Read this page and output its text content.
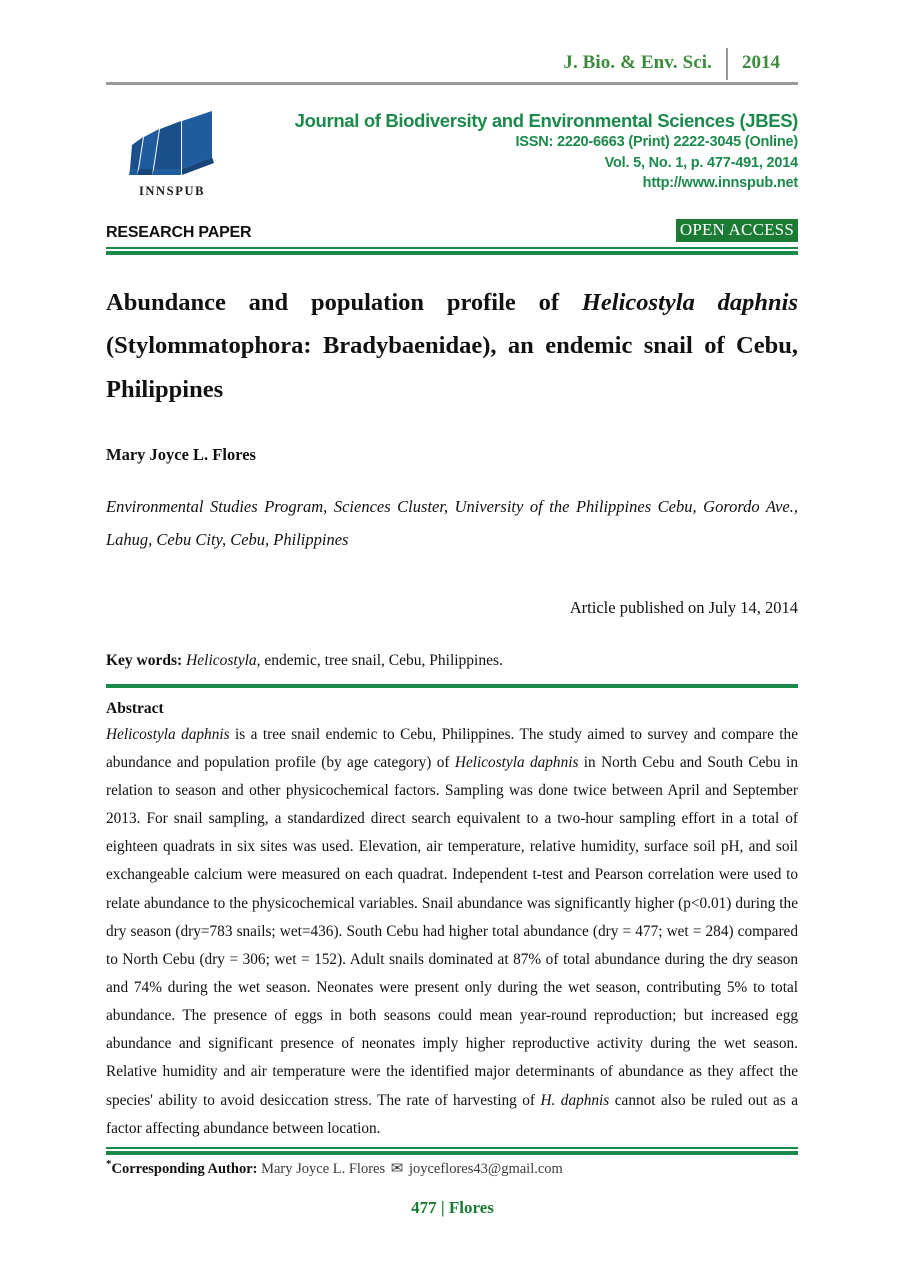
J. Bio. & Env. Sci.	2014
INNSPUB
Journal of Biodiversity and Environmental Sciences (JBES)
ISSN: 2220-6663 (Print) 2222-3045 (Online)
Vol. 5, No. 1, p. 477-491, 2014
http://www.innspub.net
RESEARCH PAPER	OPEN ACCESS
Abundance and population profile of Helicostyla daphnis (Stylommatophora: Bradybaenidae), an endemic snail of Cebu, Philippines
Mary Joyce L. Flores
Environmental Studies Program, Sciences Cluster, University of the Philippines Cebu, Gorordo Ave., Lahug, Cebu City, Cebu, Philippines
Article published on July 14, 2014
Key words: Helicostyla, endemic, tree snail, Cebu, Philippines.
Abstract
Helicostyla daphnis is a tree snail endemic to Cebu, Philippines. The study aimed to survey and compare the abundance and population profile (by age category) of Helicostyla daphnis in North Cebu and South Cebu in relation to season and other physicochemical factors. Sampling was done twice between April and September 2013. For snail sampling, a standardized direct search equivalent to a two-hour sampling effort in a total of eighteen quadrats in six sites was used. Elevation, air temperature, relative humidity, surface soil pH, and soil exchangeable calcium were measured on each quadrat. Independent t-test and Pearson correlation were used to relate abundance to the physicochemical variables. Snail abundance was significantly higher (p<0.01) during the dry season (dry=783 snails; wet=436). South Cebu had higher total abundance (dry = 477; wet = 284) compared to North Cebu (dry = 306; wet = 152). Adult snails dominated at 87% of total abundance during the dry season and 74% during the wet season. Neonates were present only during the wet season, contributing 5% to total abundance. The presence of eggs in both seasons could mean year-round reproduction; but increased egg abundance and significant presence of neonates imply higher reproductive activity during the wet season. Relative humidity and air temperature were the identified major determinants of abundance as they affect the species' ability to avoid desiccation stress. The rate of harvesting of H. daphnis cannot also be ruled out as a factor affecting abundance between location.
*Corresponding Author: Mary Joyce L. Flores ✉ joyceflores43@gmail.com
477 | Flores
